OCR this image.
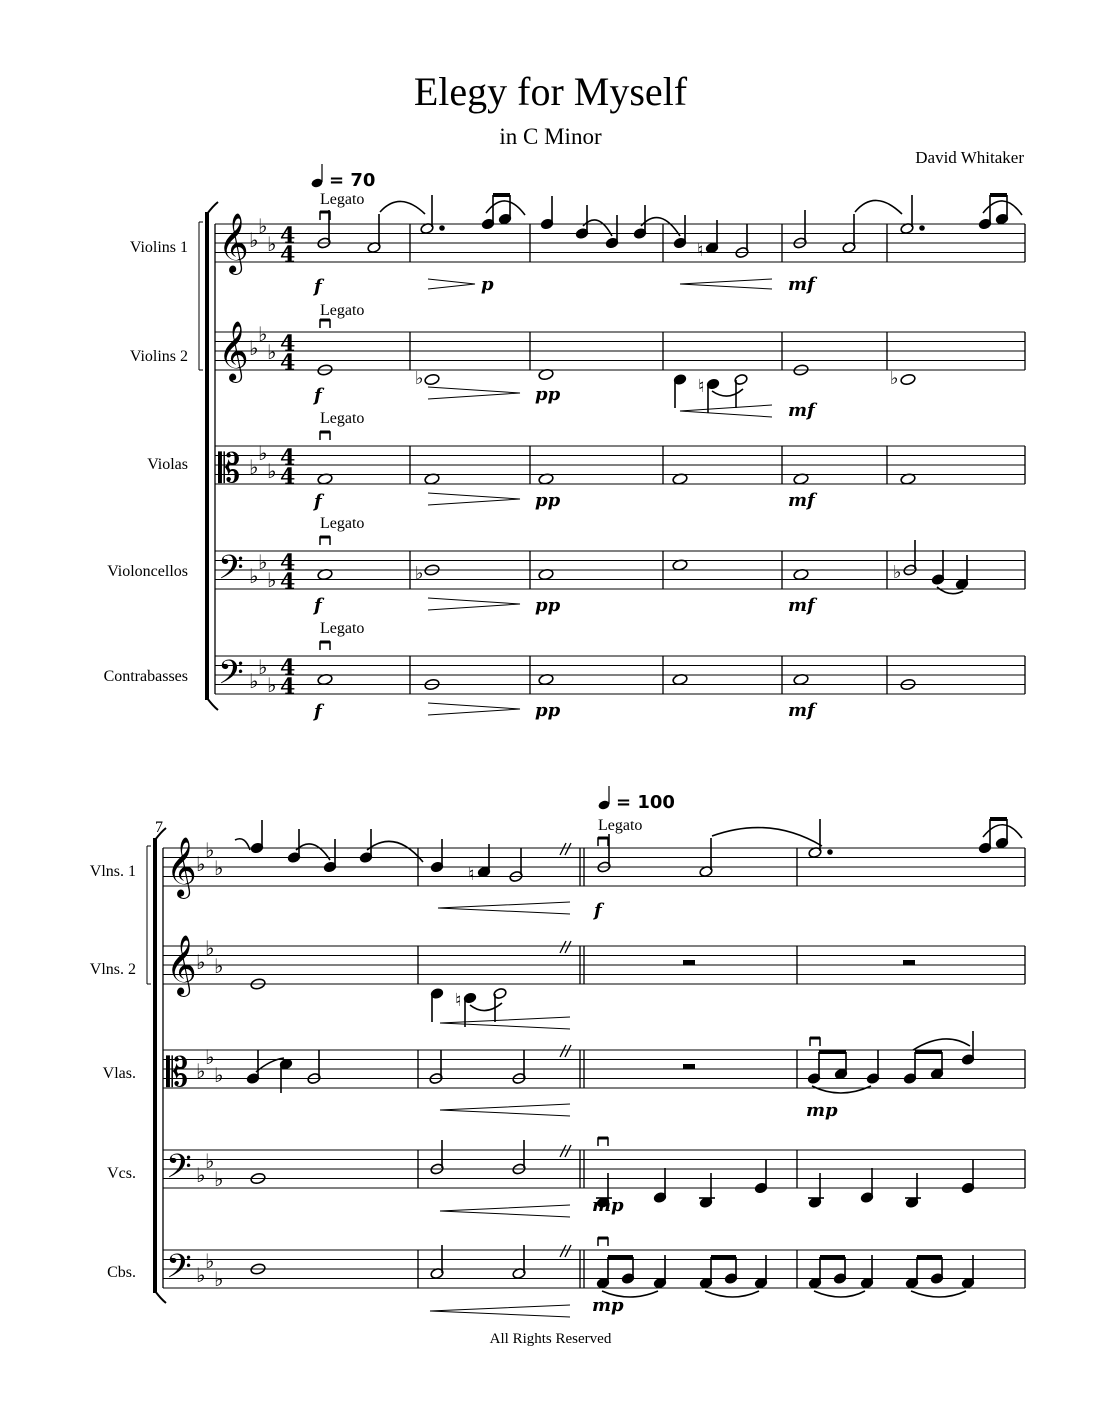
Elegy for Myself
in C Minor
David Whitaker
Violins 1
Violins 2
Violas
Violoncellos
Contrabasses
𝄞
𝄞
𝄡
𝄢
𝄢
♭
♭
♭
♭
♭
♭
♭
♭
♭
♭
♭
♭
♭
♭
♭
4
4
4
4
4
4
4
4
4
4
= 70
Legato
Legato
Legato
Legato
Legato
♮
f	p	mf
♭	♮	♭
f	pp
mf
f	pp	mf
♭	♭
f	pp	mf
f	pp	mf
7
Vlns. 1
Vlns. 2
Vlas.
Vcs.
Cbs.
𝄞
𝄞
𝄡
𝄢
𝄢
♭
♭
♭
♭
♭
♭
♭
♭
♭
♭
♭
♭
♭
♭
♭
= 100
Legato
♮
f
♮
mp
mp
mp
All Rights Reserved
